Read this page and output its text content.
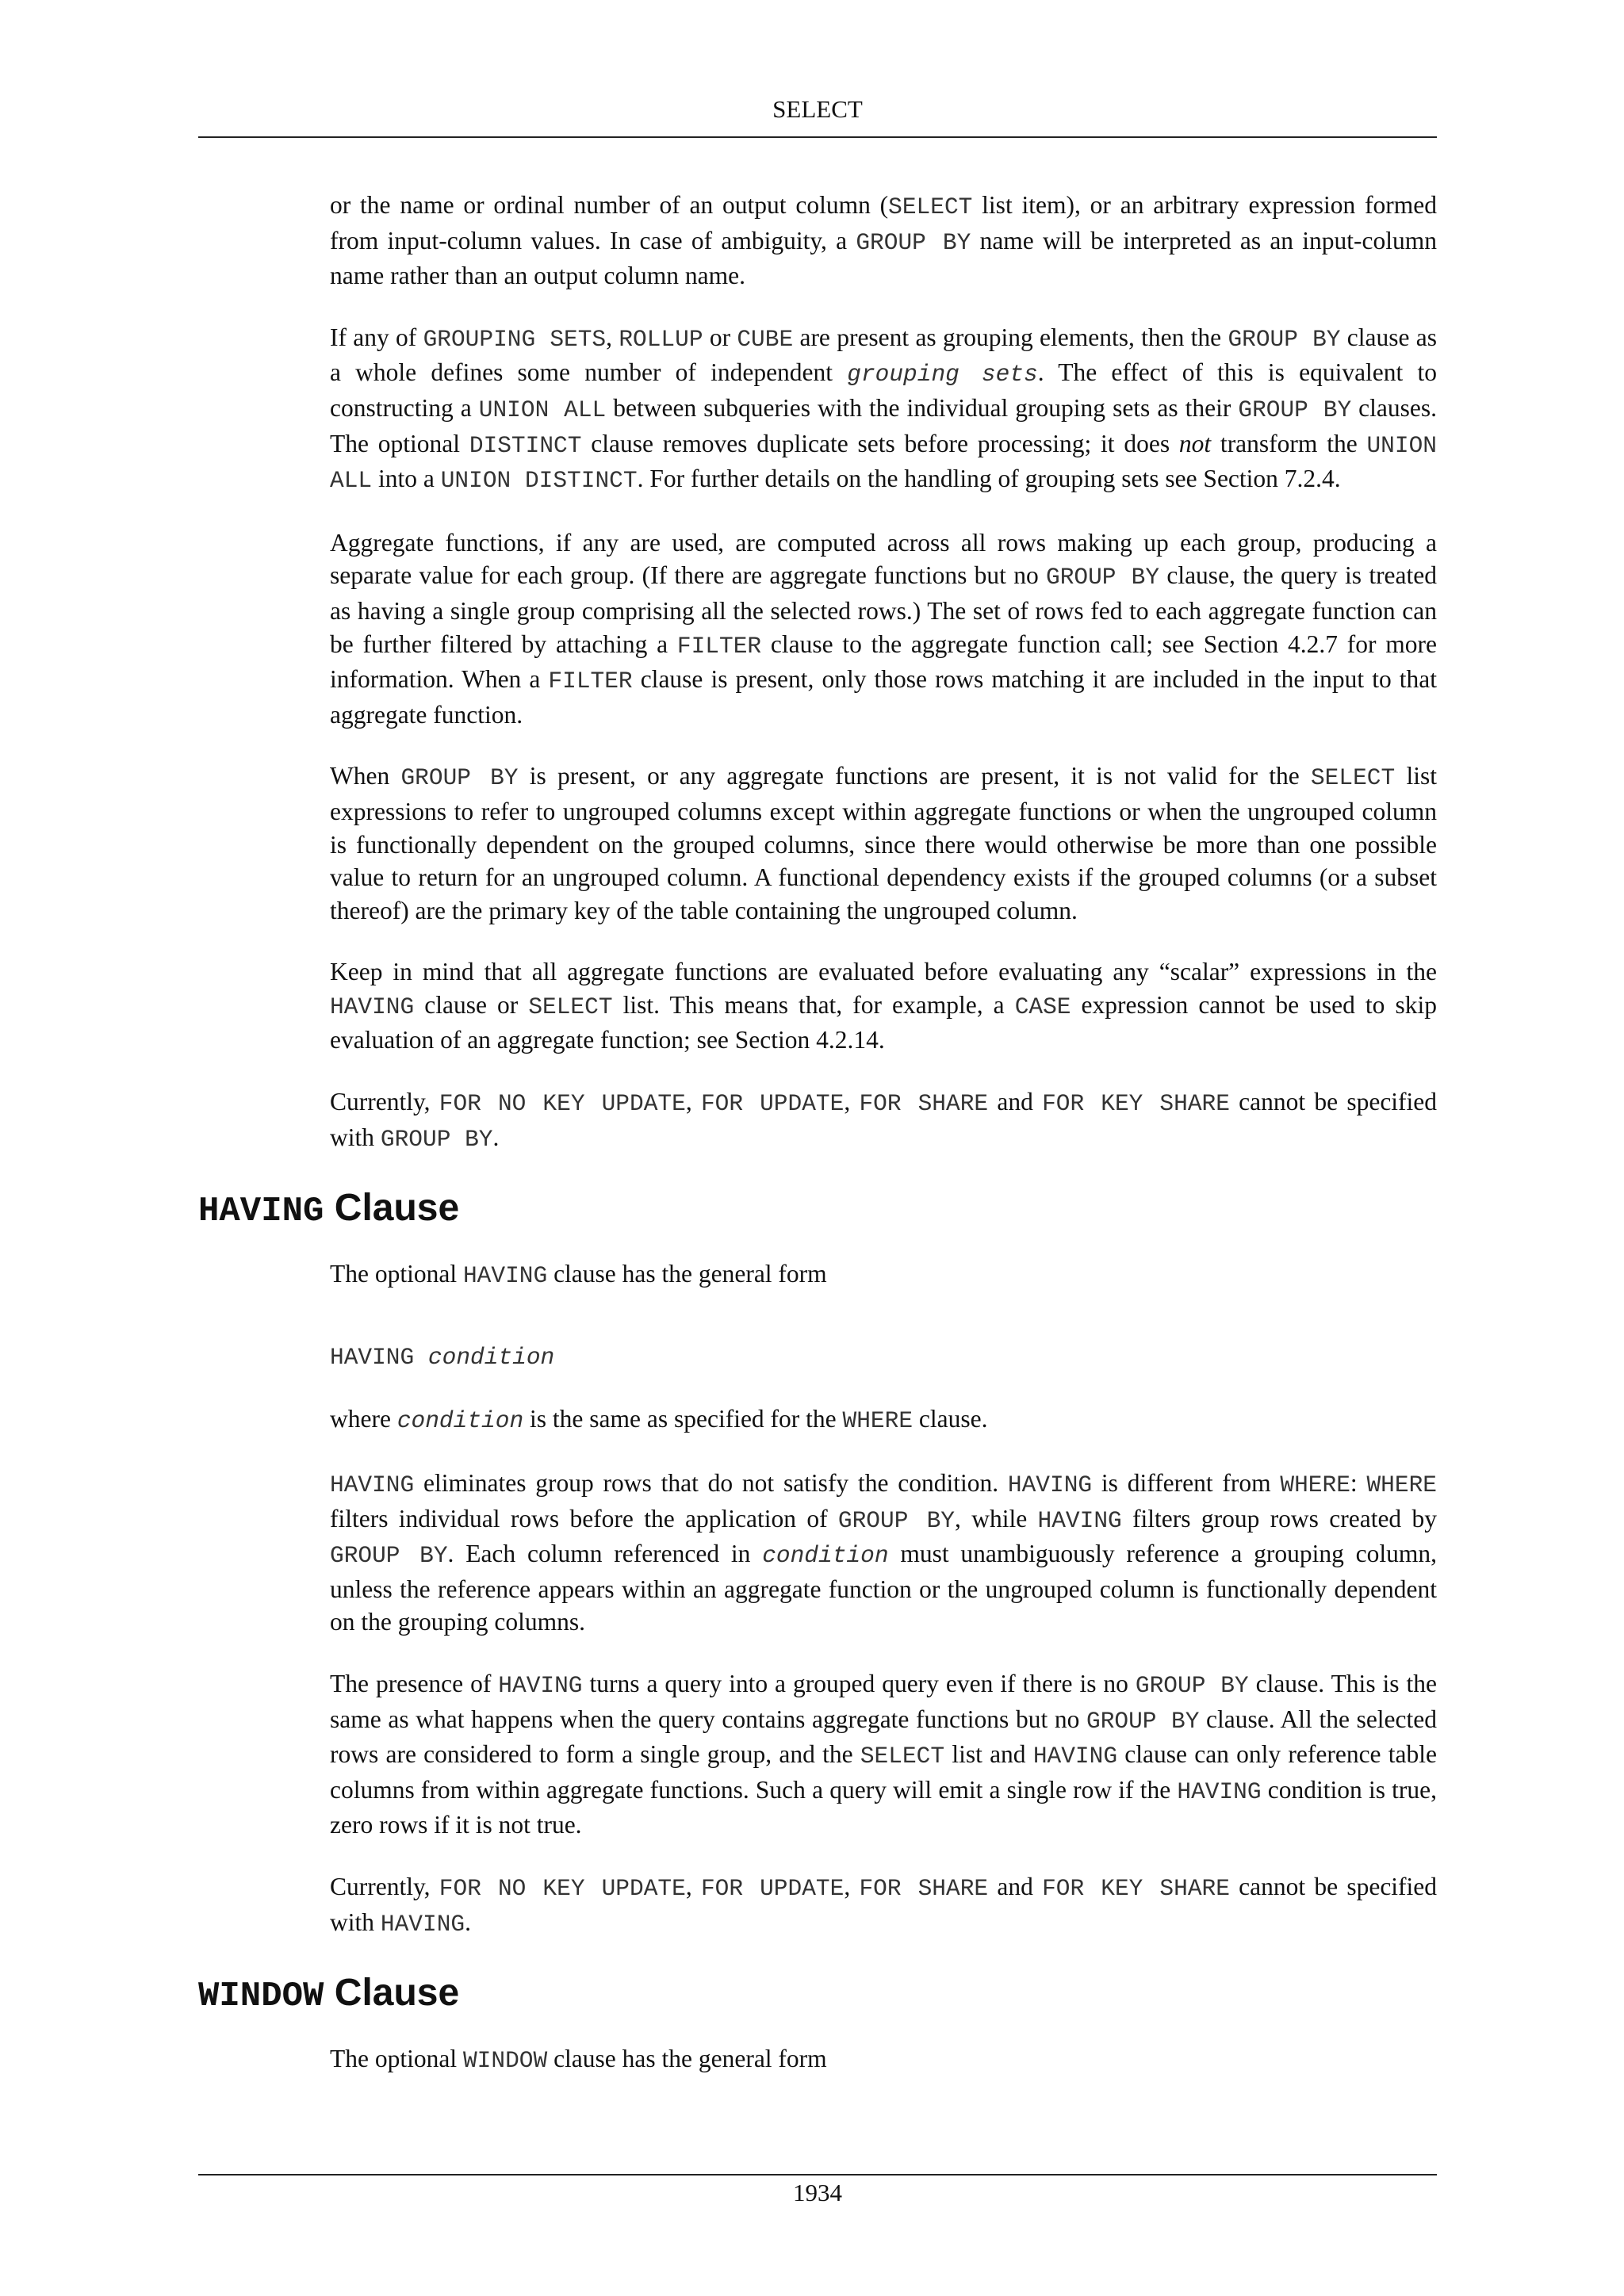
SELECT

or the name or ordinal number of an output column (SELECT list item), or an arbitrary expression formed from input-column values. In case of ambiguity, a GROUP BY name will be interpreted as an input-column name rather than an output column name.

If any of GROUPING SETS, ROLLUP or CUBE are present as grouping elements, then the GROUP BY clause as a whole defines some number of independent grouping sets. The effect of this is equivalent to constructing a UNION ALL between subqueries with the individual grouping sets as their GROUP BY clauses. The optional DISTINCT clause removes duplicate sets before processing; it does not transform the UNION ALL into a UNION DISTINCT. For further details on the handling of grouping sets see Section 7.2.4.

Aggregate functions, if any are used, are computed across all rows making up each group, producing a separate value for each group. (If there are aggregate functions but no GROUP BY clause, the query is treated as having a single group comprising all the selected rows.) The set of rows fed to each aggregate function can be further filtered by attaching a FILTER clause to the aggregate function call; see Section 4.2.7 for more information. When a FILTER clause is present, only those rows matching it are included in the input to that aggregate function.

When GROUP BY is present, or any aggregate functions are present, it is not valid for the SELECT list expressions to refer to ungrouped columns except within aggregate functions or when the ungrouped column is functionally dependent on the grouped columns, since there would otherwise be more than one possible value to return for an ungrouped column. A functional dependency exists if the grouped columns (or a subset thereof) are the primary key of the table containing the ungrouped column.

Keep in mind that all aggregate functions are evaluated before evaluating any “scalar” expressions in the HAVING clause or SELECT list. This means that, for example, a CASE expression cannot be used to skip evaluation of an aggregate function; see Section 4.2.14.

Currently, FOR NO KEY UPDATE, FOR UPDATE, FOR SHARE and FOR KEY SHARE cannot be specified with GROUP BY.

HAVING Clause

The optional HAVING clause has the general form

HAVING condition

where condition is the same as specified for the WHERE clause.

HAVING eliminates group rows that do not satisfy the condition. HAVING is different from WHERE: WHERE filters individual rows before the application of GROUP BY, while HAVING filters group rows created by GROUP BY. Each column referenced in condition must unambiguously reference a grouping column, unless the reference appears within an aggregate function or the ungrouped column is functionally dependent on the grouping columns.

The presence of HAVING turns a query into a grouped query even if there is no GROUP BY clause. This is the same as what happens when the query contains aggregate functions but no GROUP BY clause. All the selected rows are considered to form a single group, and the SELECT list and HAVING clause can only reference table columns from within aggregate functions. Such a query will emit a single row if the HAVING condition is true, zero rows if it is not true.

Currently, FOR NO KEY UPDATE, FOR UPDATE, FOR SHARE and FOR KEY SHARE cannot be specified with HAVING.

WINDOW Clause

The optional WINDOW clause has the general form

1934
